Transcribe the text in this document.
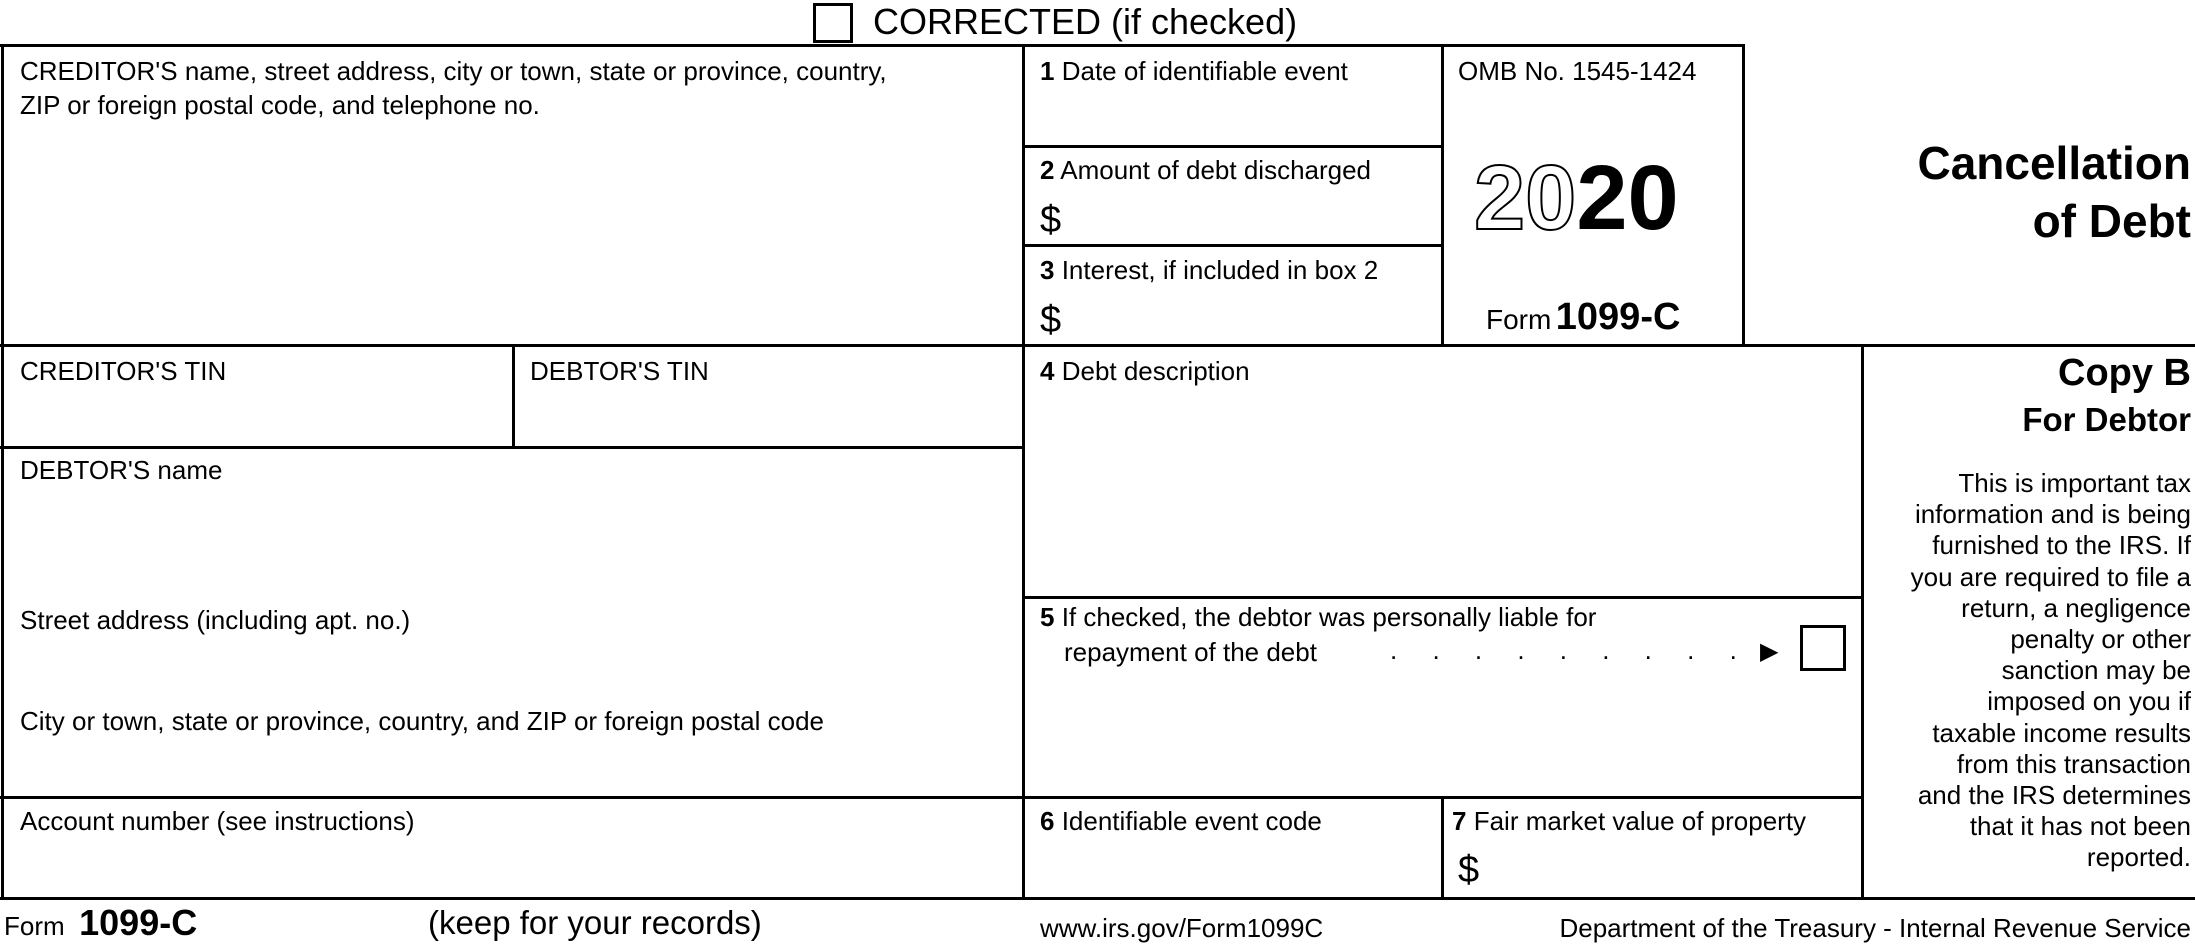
CORRECTED (if checked)
CREDITOR'S name, street address, city or town, state or province, country,
ZIP or foreign postal code, and telephone no.
1 Date of identifiable event
2 Amount of debt discharged
$
3 Interest, if included in box 2
$
OMB No. 1545-1424
2020
Form 1099-C
Cancellation
of Debt
CREDITOR'S TIN	DEBTOR'S TIN	4 Debt description
DEBTOR'S name
Street address (including apt. no.)
City or town, state or province, country, and ZIP or foreign postal code
5 If checked, the debtor was personally liable for
repayment of the debt	. . . . . . . . . ▶
Account number (see instructions)	6 Identifiable event code	7 Fair market value of property
$
Copy B
For Debtor
This is important tax
information and is being
furnished to the IRS. If
you are required to file a
return, a negligence
penalty or other
sanction may be
imposed on you if
taxable income results
from this transaction
and the IRS determines
that it has not been
reported.
Form 1099-C	(keep for your records)	www.irs.gov/Form1099C	Department of the Treasury - Internal Revenue Service
